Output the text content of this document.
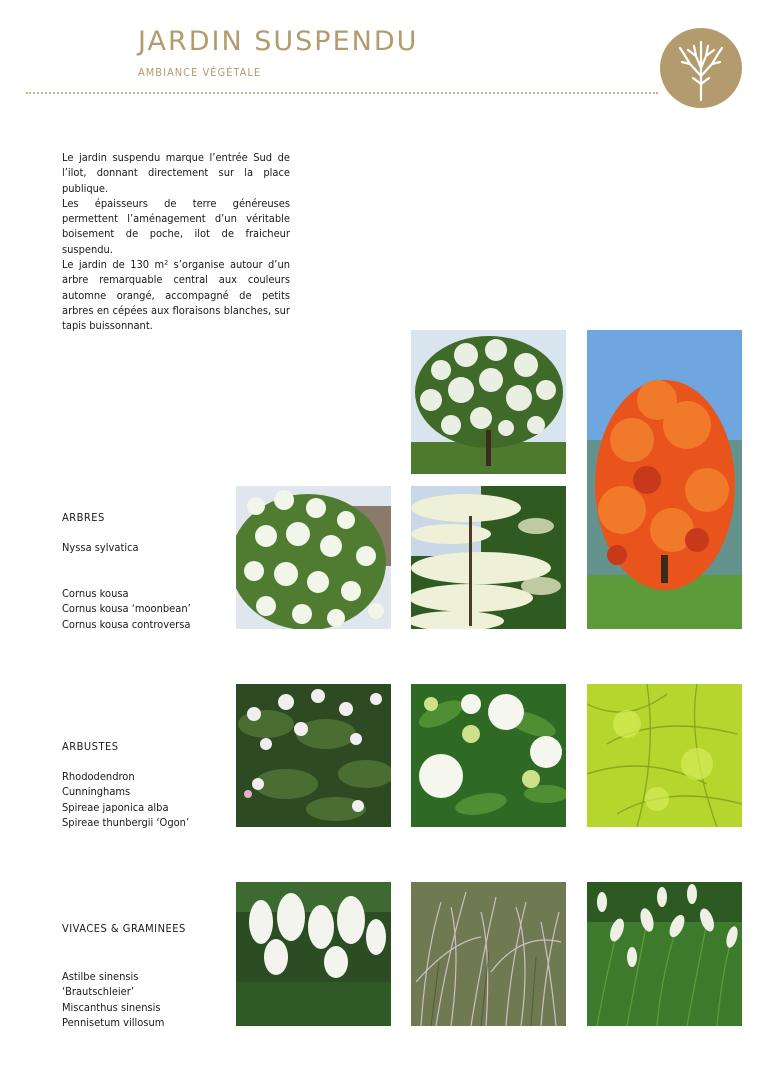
JARDIN SUSPENDU
AMBIANCE VÉGÉTALE

Le jardin suspendu marque l’entrée Sud de l’ilot, donnant directement sur la place publique.

Les épaisseurs de terre généreuses permettent l’aménagement d’un véritable boisement de poche, ilot de fraicheur suspendu.

Le jardin de 130 m² s’organise autour d’un arbre remarquable central aux couleurs automne orangé, accompagné de petits arbres en cépées aux floraisons blanches, sur tapis buissonnant.

ARBRES
Nyssa sylvatica
Cornus kousa
Cornus kousa ‘moonbean’
Cornus kousa controversa
ARBUSTES
Rhododendron
Cunninghams
Spireae japonica alba
Spireae thunbergii ‘Ogon’
VIVACES & GRAMINEES
Astilbe sinensis
‘Brautschleier’
Miscanthus sinensis
Pennisetum villosum
